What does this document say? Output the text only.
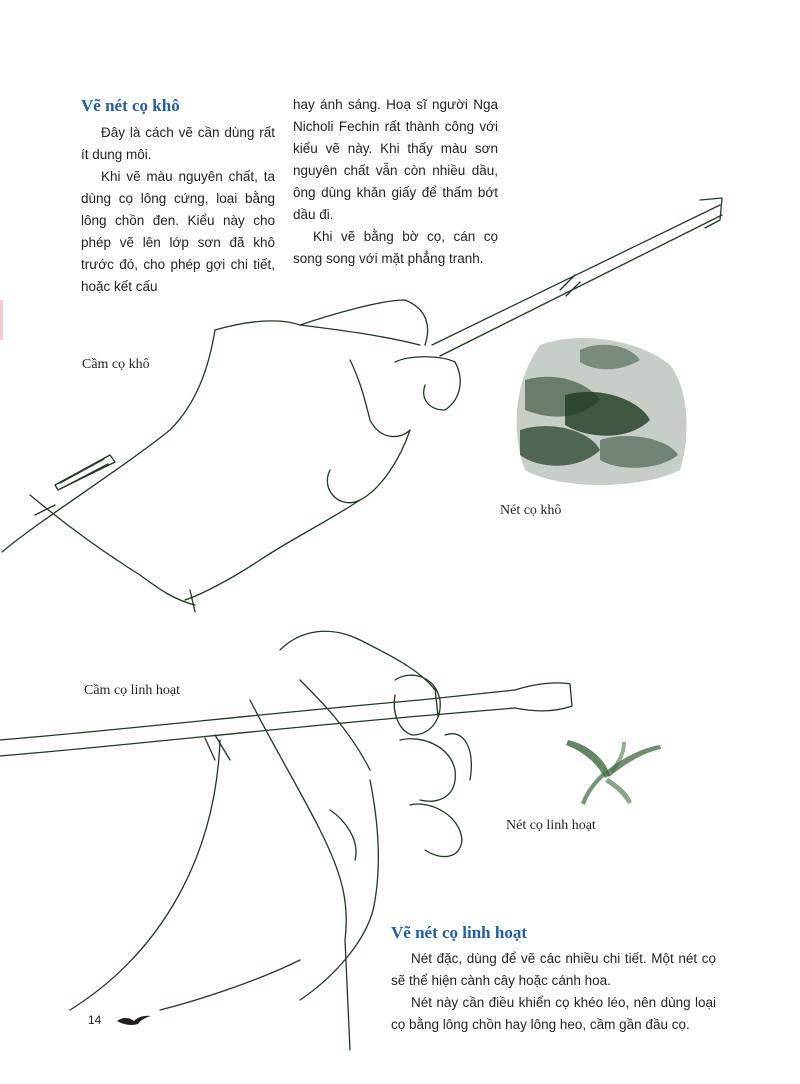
Vẽ nét cọ khô

Đây là cách vẽ cần dùng rất ít dung môi.

Khi vẽ màu nguyên chất, ta dùng cọ lông cứng, loại bằng lông chồn đen. Kiểu này cho phép vẽ lên lớp sơn đã khô trước đó, cho phép gợi chi tiết, hoặc kết cấu

hay ánh sáng. Hoạ sĩ người Nga Nicholi Fechin rất thành công với kiểu vẽ này. Khi thấy màu sơn nguyên chất vẫn còn nhiều dầu, ông dùng khăn giấy để thấm bớt dầu đi.

Khi vẽ bằng bờ cọ, cán cọ song song với mặt phẳng tranh.

Cầm cọ khô
Nét cọ khô
Cầm cọ linh hoạt
Nét cọ linh hoạt
Vẽ nét cọ linh hoạt

Nét đặc, dùng để vẽ các nhiều chi tiết. Một nét cọ sẽ thể hiện cành cây hoặc cánh hoa.

Nét này cần điều khiển cọ khéo léo, nên dùng loại cọ bằng lông chồn hay lông heo, cầm gần đầu cọ.

14
